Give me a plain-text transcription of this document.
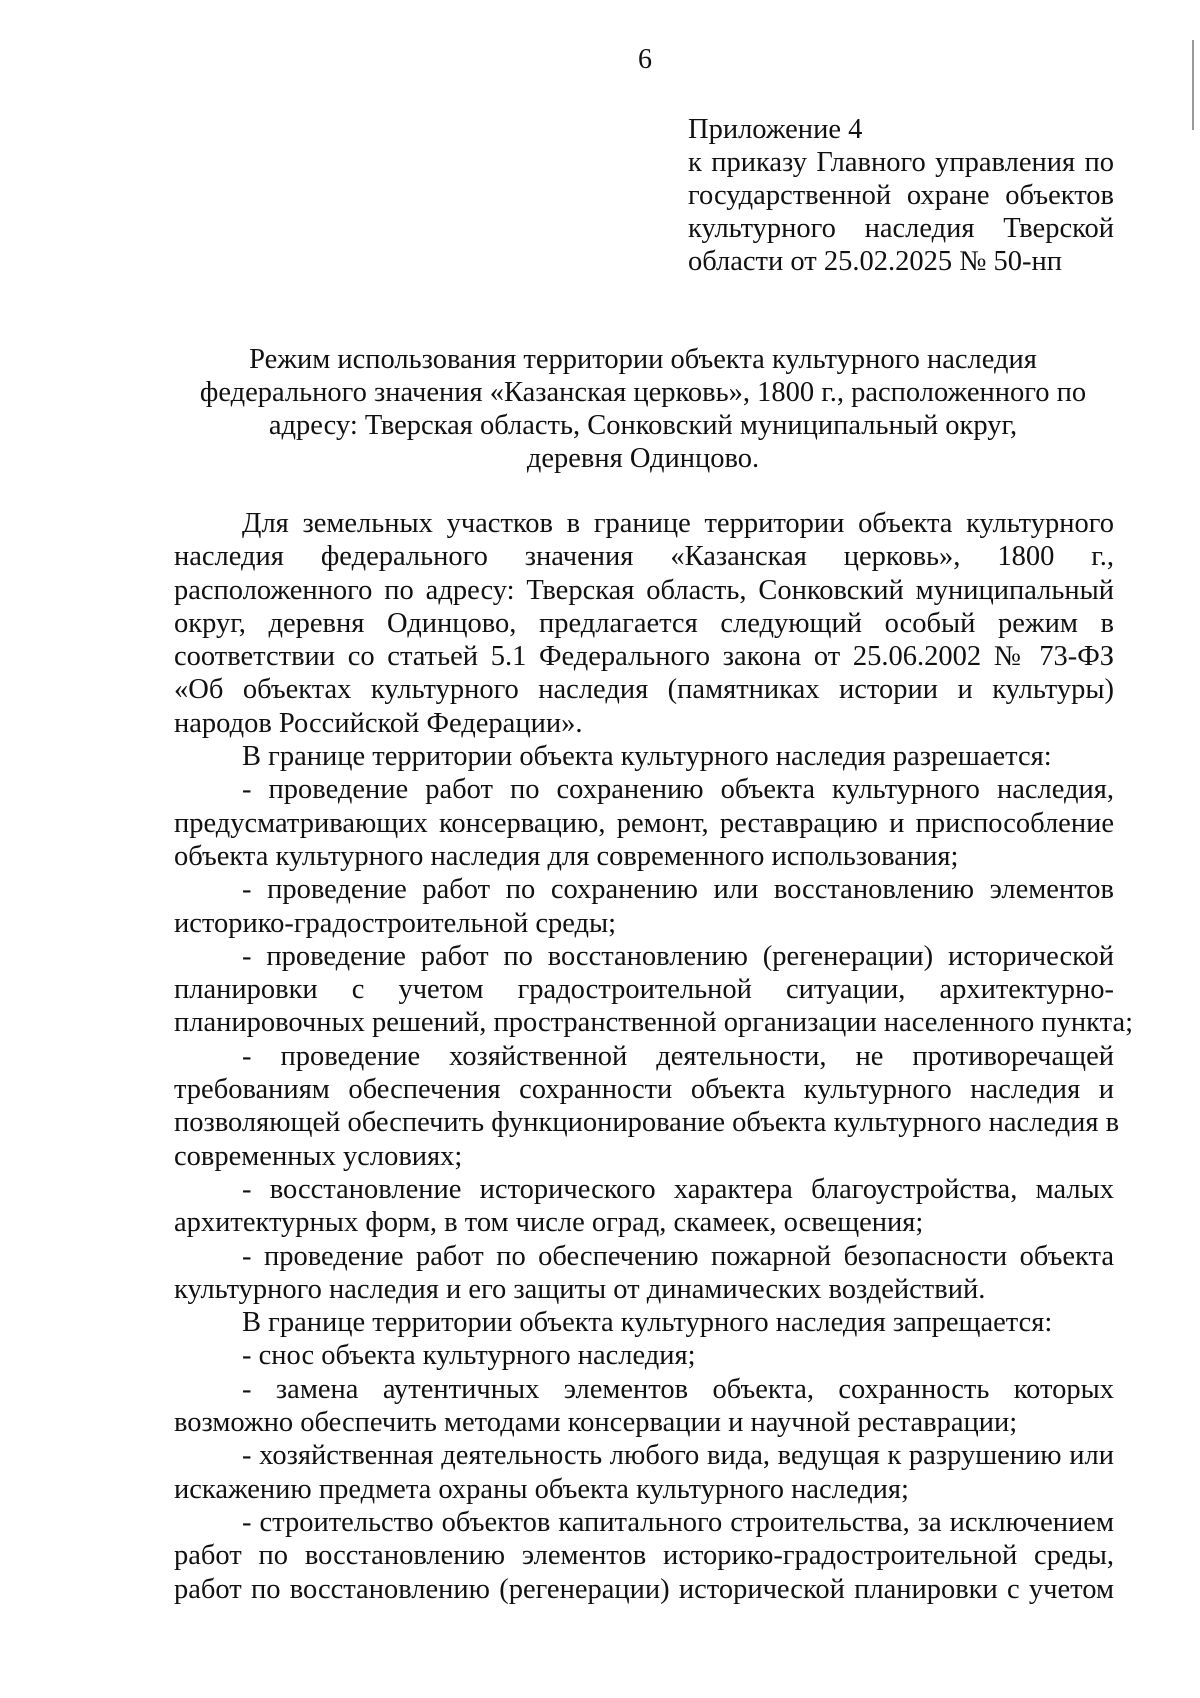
6
Приложение 4
к приказу Главного управления по
государственной охране объектов
культурного наследия Тверской
области от 25.02.2025 № 50-нп
Режим использования территории объекта культурного наследия
федерального значения «Казанская церковь», 1800 г., расположенного по
адресу: Тверская область, Сонковский муниципальный округ,
деревня Одинцово.
Для земельных участков в границе территории объекта культурного
наследия федерального значения «Казанская церковь», 1800 г.,
расположенного по адресу: Тверская область, Сонковский муниципальный
округ, деревня Одинцово, предлагается следующий особый режим в
соответствии со статьей 5.1 Федерального закона от 25.06.2002 № 73-ФЗ
«Об объектах культурного наследия (памятниках истории и культуры)
народов Российской Федерации».
В границе территории объекта культурного наследия разрешается:
- проведение работ по сохранению объекта культурного наследия,
предусматривающих консервацию, ремонт, реставрацию и приспособление
объекта культурного наследия для современного использования;
- проведение работ по сохранению или восстановлению элементов
историко-градостроительной среды;
- проведение работ по восстановлению (регенерации) исторической
планировки с учетом градостроительной ситуации, архитектурно-
планировочных решений, пространственной организации населенного пункта;
- проведение хозяйственной деятельности, не противоречащей
требованиям обеспечения сохранности объекта культурного наследия и
позволяющей обеспечить функционирование объекта культурного наследия в
современных условиях;
- восстановление исторического характера благоустройства, малых
архитектурных форм, в том числе оград, скамеек, освещения;
- проведение работ по обеспечению пожарной безопасности объекта
культурного наследия и его защиты от динамических воздействий.
В границе территории объекта культурного наследия запрещается:
- снос объекта культурного наследия;
- замена аутентичных элементов объекта, сохранность которых
возможно обеспечить методами консервации и научной реставрации;
- хозяйственная деятельность любого вида, ведущая к разрушению или
искажению предмета охраны объекта культурного наследия;
- строительство объектов капитального строительства, за исключением
работ по восстановлению элементов историко-градостроительной среды,
работ по восстановлению (регенерации) исторической планировки с учетом
